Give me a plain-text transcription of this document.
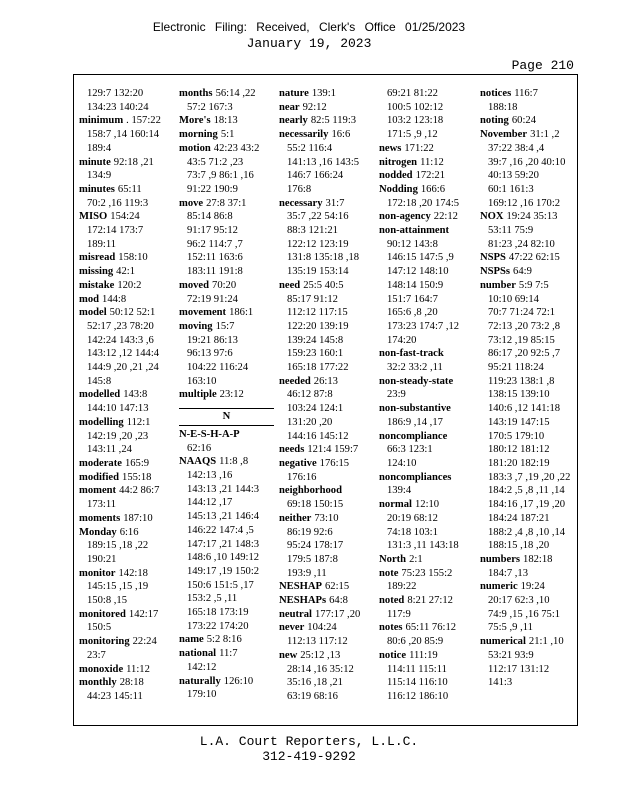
Electronic Filing: Received, Clerk's Office 01/25/2023
January 19, 2023
Page 210
129:7 132:20
134:23 140:24
minimum . 157:22
158:7 ,14 160:14
189:4
minute 92:18 ,21
134:9
minutes 65:11
70:2 ,16 119:3
MISO 154:24
172:14 173:7
189:11
misread 158:10
missing 42:1
mistake 120:2
mod 144:8
model 50:12 52:1
52:17 ,23 78:20
142:24 143:3 ,6
143:12 ,12 144:4
144:9 ,20 ,21 ,24
145:8
modelled 143:8
144:10 147:13
modelling 112:1
142:19 ,20 ,23
143:11 ,24
moderate 165:9
modified 155:18
moment 44:2 86:7
173:11
moments 187:10
Monday 6:16
189:15 ,18 ,22
190:21
monitor 142:18
145:15 ,15 ,19
150:8 ,15
monitored 142:17
150:5
monitoring 22:24
23:7
monoxide 11:12
monthly 28:18
44:23 145:11
months 56:14 ,22
57:2 167:3
More's 18:13
morning 5:1
motion 42:23 43:2
43:5 71:2 ,23
73:7 ,9 86:1 ,16
91:22 190:9
move 27:8 37:1
85:14 86:8
91:17 95:12
96:2 114:7 ,7
152:11 163:6
183:11 191:8
moved 70:20
72:19 91:24
movement 186:1
moving 15:7
19:21 86:13
96:13 97:6
104:22 116:24
163:10
multiple 23:12
N
N-E-S-H-A-P
62:16
NAAQS 11:8 ,8
142:13 ,16
143:13 ,21 144:3
144:12 ,17
145:13 ,21 146:4
146:22 147:4 ,5
147:17 ,21 148:3
148:6 ,10 149:12
149:17 ,19 150:2
150:6 151:5 ,17
153:2 ,5 ,11
165:18 173:19
173:22 174:20
name 5:2 8:16
national 11:7
142:12
naturally 126:10
179:10
nature 139:1
near 92:12
nearly 82:5 119:3
necessarily 16:6
55:2 116:4
141:13 ,16 143:5
146:7 166:24
176:8
necessary 31:7
35:7 ,22 54:16
88:3 121:21
122:12 123:19
131:8 135:18 ,18
135:19 153:14
need 25:5 40:5
85:17 91:12
112:12 117:15
122:20 139:19
139:24 145:8
159:23 160:1
165:18 177:22
needed 26:13
46:12 87:8
103:24 124:1
131:20 ,20
144:16 145:12
needs 121:4 159:7
negative 176:15
176:16
neighborhood
69:18 150:15
neither 73:10
86:19 92:6
95:24 178:17
179:5 187:8
193:9 ,11
NESHAP 62:15
NESHAPs 64:8
neutral 177:17 ,20
never 104:24
112:13 117:12
new 25:12 ,13
28:14 ,16 35:12
35:16 ,18 ,21
63:19 68:16
69:21 81:22
100:5 102:12
103:2 123:18
171:5 ,9 ,12
news 171:22
nitrogen 11:12
nodded 172:21
Nodding 166:6
172:18 ,20 174:5
non-agency 22:12
non-attainment
90:12 143:8
146:15 147:5 ,9
147:12 148:10
148:14 150:9
151:7 164:7
165:6 ,8 ,20
173:23 174:7 ,12
174:20
non-fast-track
32:2 33:2 ,11
non-steady-state
23:9
non-substantive
186:9 ,14 ,17
noncompliance
66:3 123:1
124:10
noncompliances
139:4
normal 12:10
20:19 68:12
74:18 103:1
131:3 ,11 143:18
North 2:1
note 75:23 155:2
189:22
noted 8:21 27:12
117:9
notes 65:11 76:12
80:6 ,20 85:9
notice 111:19
114:11 115:11
115:14 116:10
116:12 186:10
notices 116:7
188:18
noting 60:24
November 31:1 ,2
37:22 38:4 ,4
39:7 ,16 ,20 40:10
40:13 59:20
60:1 161:3
169:12 ,16 170:2
NOX 19:24 35:13
53:11 75:9
81:23 ,24 82:10
NSPS 47:22 62:15
NSPSs 64:9
number 5:9 7:5
10:10 69:14
70:7 71:24 72:1
72:13 ,20 73:2 ,8
73:12 ,19 85:15
86:17 ,20 92:5 ,7
95:21 118:24
119:23 138:1 ,8
138:15 139:10
140:6 ,12 141:18
143:19 147:15
170:5 179:10
180:12 181:12
181:20 182:19
183:3 ,7 ,19 ,20 ,22
184:2 ,5 ,8 ,11 ,14
184:16 ,17 ,19 ,20
184:24 187:21
188:2 ,4 ,8 ,10 ,14
188:15 ,18 ,20
numbers 182:18
184:7 ,13
numeric 19:24
20:17 62:3 ,10
74:9 ,15 ,16 75:1
75:5 ,9 ,11
numerical 21:1 ,10
53:21 93:9
112:17 131:12
141:3
L.A. Court Reporters, L.L.C.
312-419-9292
